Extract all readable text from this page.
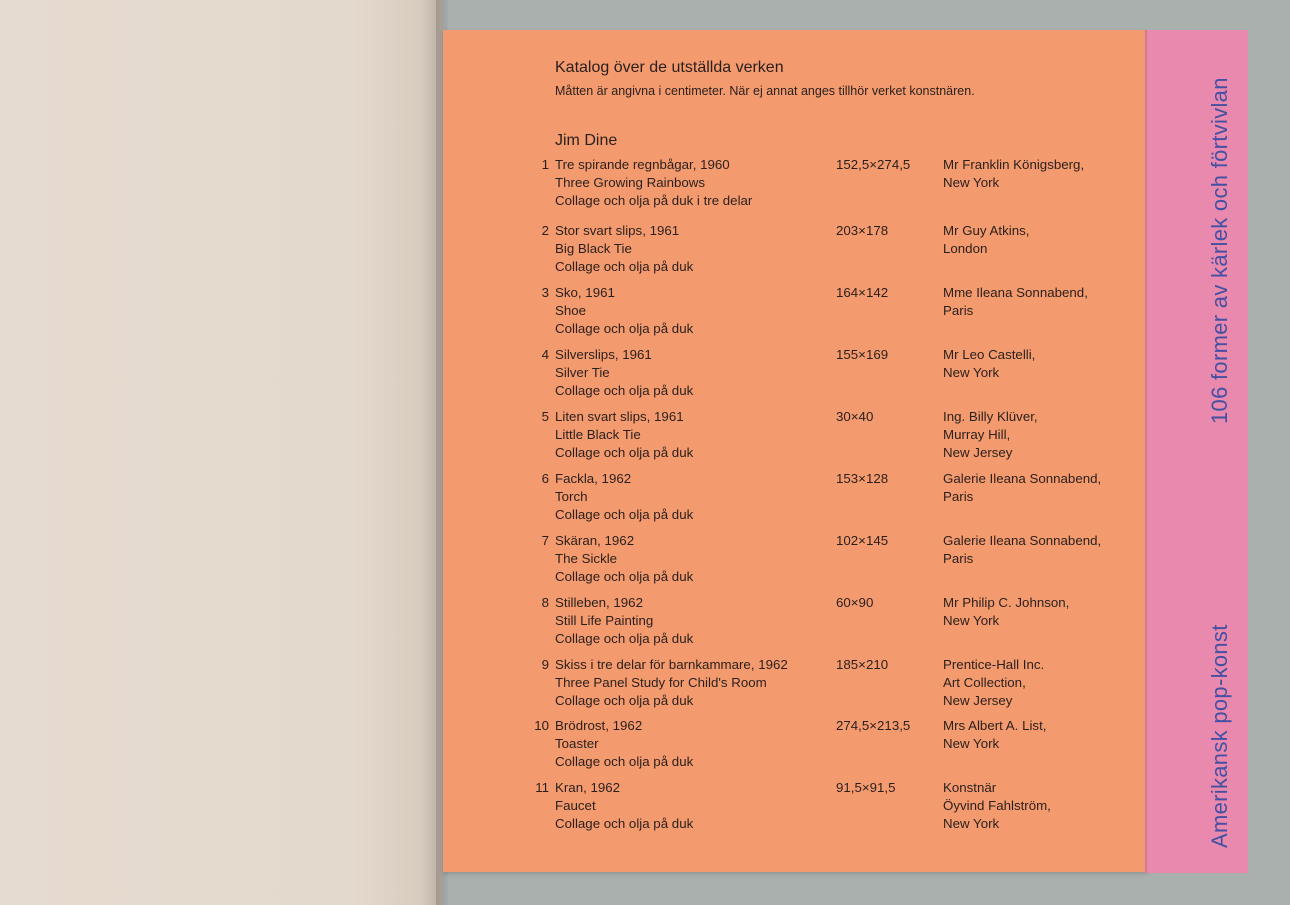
106 former av kärlek och förtvivlan
Amerikansk pop-konst
Katalog över de utställda verken
Måtten är angivna i centimeter. När ej annat anges tillhör verket konstnären.
Jim Dine
1 Tre spirande regnbågar, 1960
Three Growing Rainbows
Collage och olja på duk i tre delar
152,5×274,5 Mr Franklin Königsberg,
New York
2 Stor svart slips, 1961
Big Black Tie
Collage och olja på duk
203×178	Mr Guy Atkins,
London
3 Sko, 1961
Shoe
Collage och olja på duk
164×142	Mme Ileana Sonnabend,
Paris
4 Silverslips, 1961
Silver Tie
Collage och olja på duk
155×169	Mr Leo Castelli,
New York
5 Liten svart slips, 1961
Little Black Tie
Collage och olja på duk
30×40	Ing. Billy Klüver,
Murray Hill,
New Jersey
6 Fackla, 1962
Torch
Collage och olja på duk
153×128	Galerie Ileana Sonnabend,
Paris
7 Skäran, 1962
The Sickle
Collage och olja på duk
102×145	Galerie Ileana Sonnabend,
Paris
8 Stilleben, 1962
Still Life Painting
Collage och olja på duk
60×90	Mr Philip C. Johnson,
New York
9 Skiss i tre delar för barnkammare, 1962
Three Panel Study for Child's Room
Collage och olja på duk
185×210	Prentice-Hall Inc.
Art Collection,
New Jersey
10 Brödrost, 1962
Toaster
Collage och olja på duk
274,5×213,5 Mrs Albert A. List,
New York
11 Kran, 1962
Faucet
Collage och olja på duk
91,5×91,5	Konstnär
Öyvind Fahlström,
New York
